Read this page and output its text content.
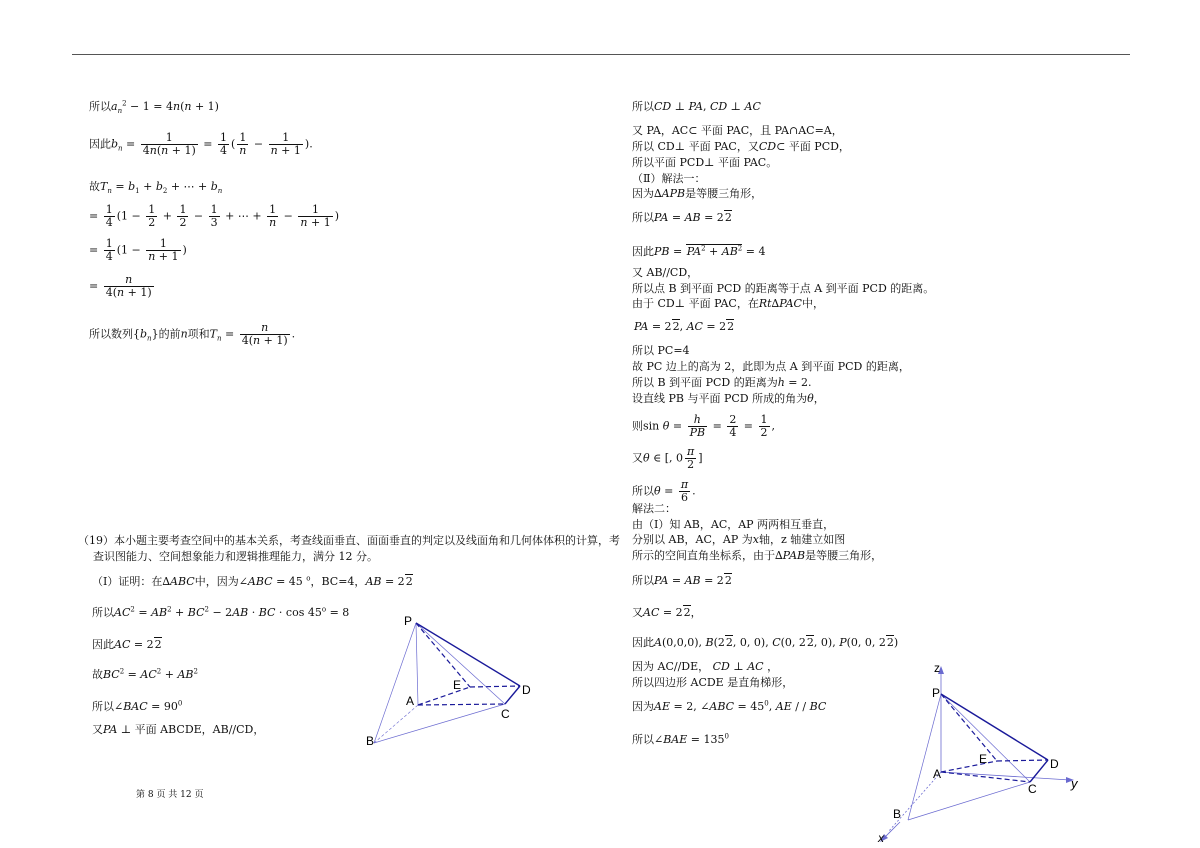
所以$a_n^2 - 1 = 4n(n + 1)$
因此$b_n = \frac{1}{4n(n + 1)} = \frac{1}{4}$ ( $\frac{1}{n} - \frac{1}{n + 1}$ ).
故$T_n = b_1 + b_2$ + ⋯ + $b_n$
= $\frac{1}{4} (1 - \frac{1}{2} + \frac{1}{2} - \frac{1}{3}$ + ⋯ + $\frac{1}{n} - \frac{1}{n + 1}$ )
= $\frac{1}{4} (1 - \frac{1}{n + 1}$ )
= $\frac{n}{4(n + 1)}$
所以数列$\{b_n\}$的前n项和$T_n = \frac{n}{4(n + 1)}$ .
（19）本小题主要考查空间中的基本关系，考查线面垂直、面面垂直的判定以及线面角和几何体体积的计算，考
查识图能力、空间想象能力和逻辑推理能力，满分 12 分。
（Ⅰ）证明：在∆ABC中，因为∠ABC = 45 $^o$，BC=4，AB = 22
所以$AC^2 = AB^2 + BC^2 - 2AB$ · BC · $\cos 45^o = 8$
因此AC = 22
故$BC^2 = AC^2 + AB^2$
所以∠BAC = $90^0$
又PA ⊥ 平面 ABCDE，AB//CD，
P
A
B
C
D
E
第 8 页 共 12 页
所以CD ⊥ PA, CD ⊥ AC
又 PA，AC⊂ 平面 PAC，且 PA∩AC=A，
所以 CD⊥ 平面 PAC，又CD⊂ 平面 PCD，
所以平面 PCD⊥ 平面 PAC。
（Ⅱ）解法一：
因为∆APB是等腰三角形，
所以PA = AB = 22
因此PB = $PA^2 + AB^2 = 4$
又 AB//CD，
所以点 B 到平面 PCD 的距离等于点 A 到平面 PCD 的距离。
由于 CD⊥ 平面 PAC，在Rt∆PAC中，
PA = 22, AC = 22
所以 PC=4
故 PC 边上的高为 2，此即为点 A 到平面 PCD 的距离，
所以 B 到平面 PCD 的距离为h = 2.
设直线 PB 与平面 PCD 所成的角为θ，
则$\sin \theta = \frac{h}{PB} = \frac{2}{4} = \frac{1}{2}$ ,
又θ ∈ [, $0 \frac{\pi}{2}$ ]
所以$\theta = \frac{\pi}{6}$ .
解法二：
由（Ⅰ）知 AB，AC，AP 两两相互垂直，
分别以 AB，AC，AP 为x轴，z 轴建立如图
所示的空间直角坐标系，由于∆PAB是等腰三角形，
所以PA = AB = 22
又AC = 22，
因此A(0,0,0), B(22, 0, 0), C(0, 22, 0), P(0, 0, 22)
因为 AC//DE， CD ⊥ AC ，
所以四边形 ACDE 是直角梯形，
因为AE = 2, ∠ABC = $45^0$, AE / / BC
所以∠BAE = $135^0$
z
y
x
P
A
B
C
D
E
